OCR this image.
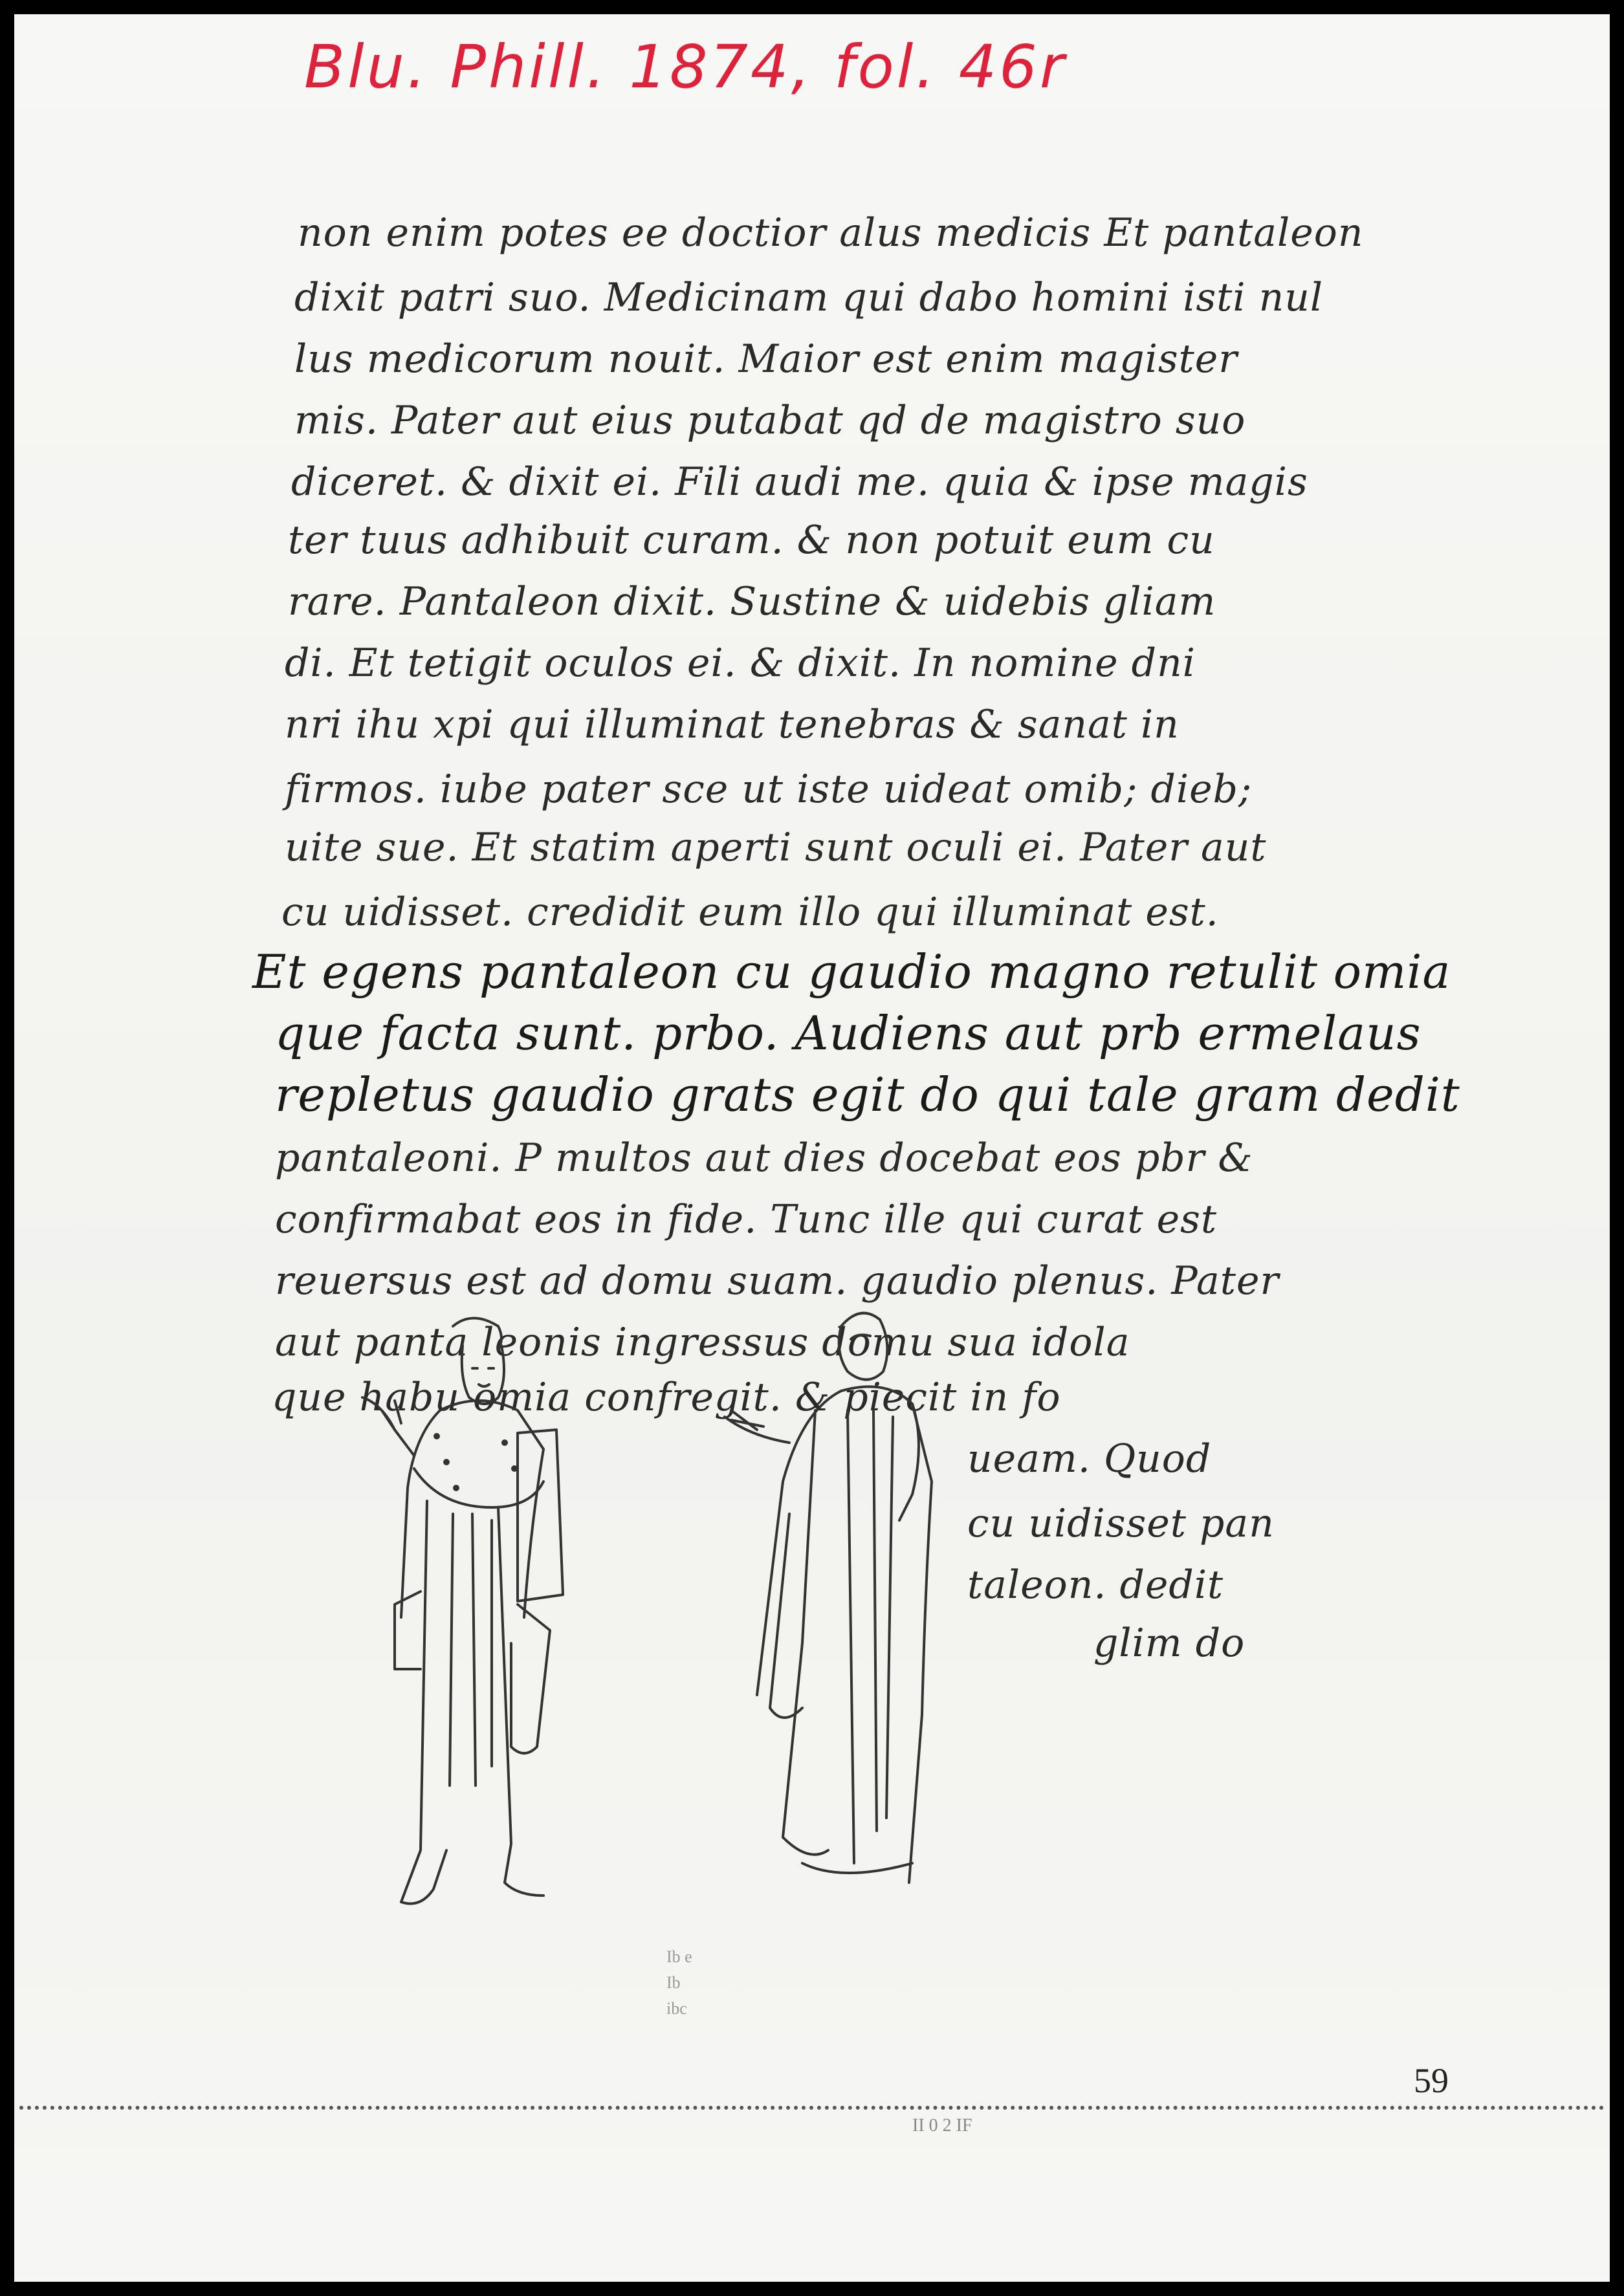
Blu. Phill. 1874, fol. 46r
non enim potes ee doctior alus medicis Et pantaleon
dixit patri suo. Medicinam qui dabo homini isti nul
lus medicorum nouit. Maior est enim magister
mis. Pater aut eius putabat qd de magistro suo
diceret. & dixit ei. Fili audi me. quia & ipse magis
ter tuus adhibuit curam. & non potuit eum cu
rare. Pantaleon dixit. Sustine & uidebis gliam
di. Et tetigit oculos ei. & dixit. In nomine dni
nri ihu xpi qui illuminat tenebras & sanat in
firmos. iube pater sce ut iste uideat omib; dieb;
uite sue. Et statim aperti sunt oculi ei. Pater aut
cu uidisset. credidit eum illo qui illuminat est.
Et egens pantaleon cu gaudio magno retulit omia
que facta sunt. prbo. Audiens aut prb ermelaus
repletus gaudio grats egit do qui tale gram dedit
pantaleoni. P multos aut dies docebat eos pbr &
confirmabat eos in fide. Tunc ille qui curat est
reuersus est ad domu suam. gaudio plenus. Pater
aut panta leonis ingressus domu sua idola
que habu omia confregit. & piecit in fo
ueam. Quod
cu uidisset pan
taleon. dedit
glim do
Ib e
Ib
ibc
59
II 0 2 IF
